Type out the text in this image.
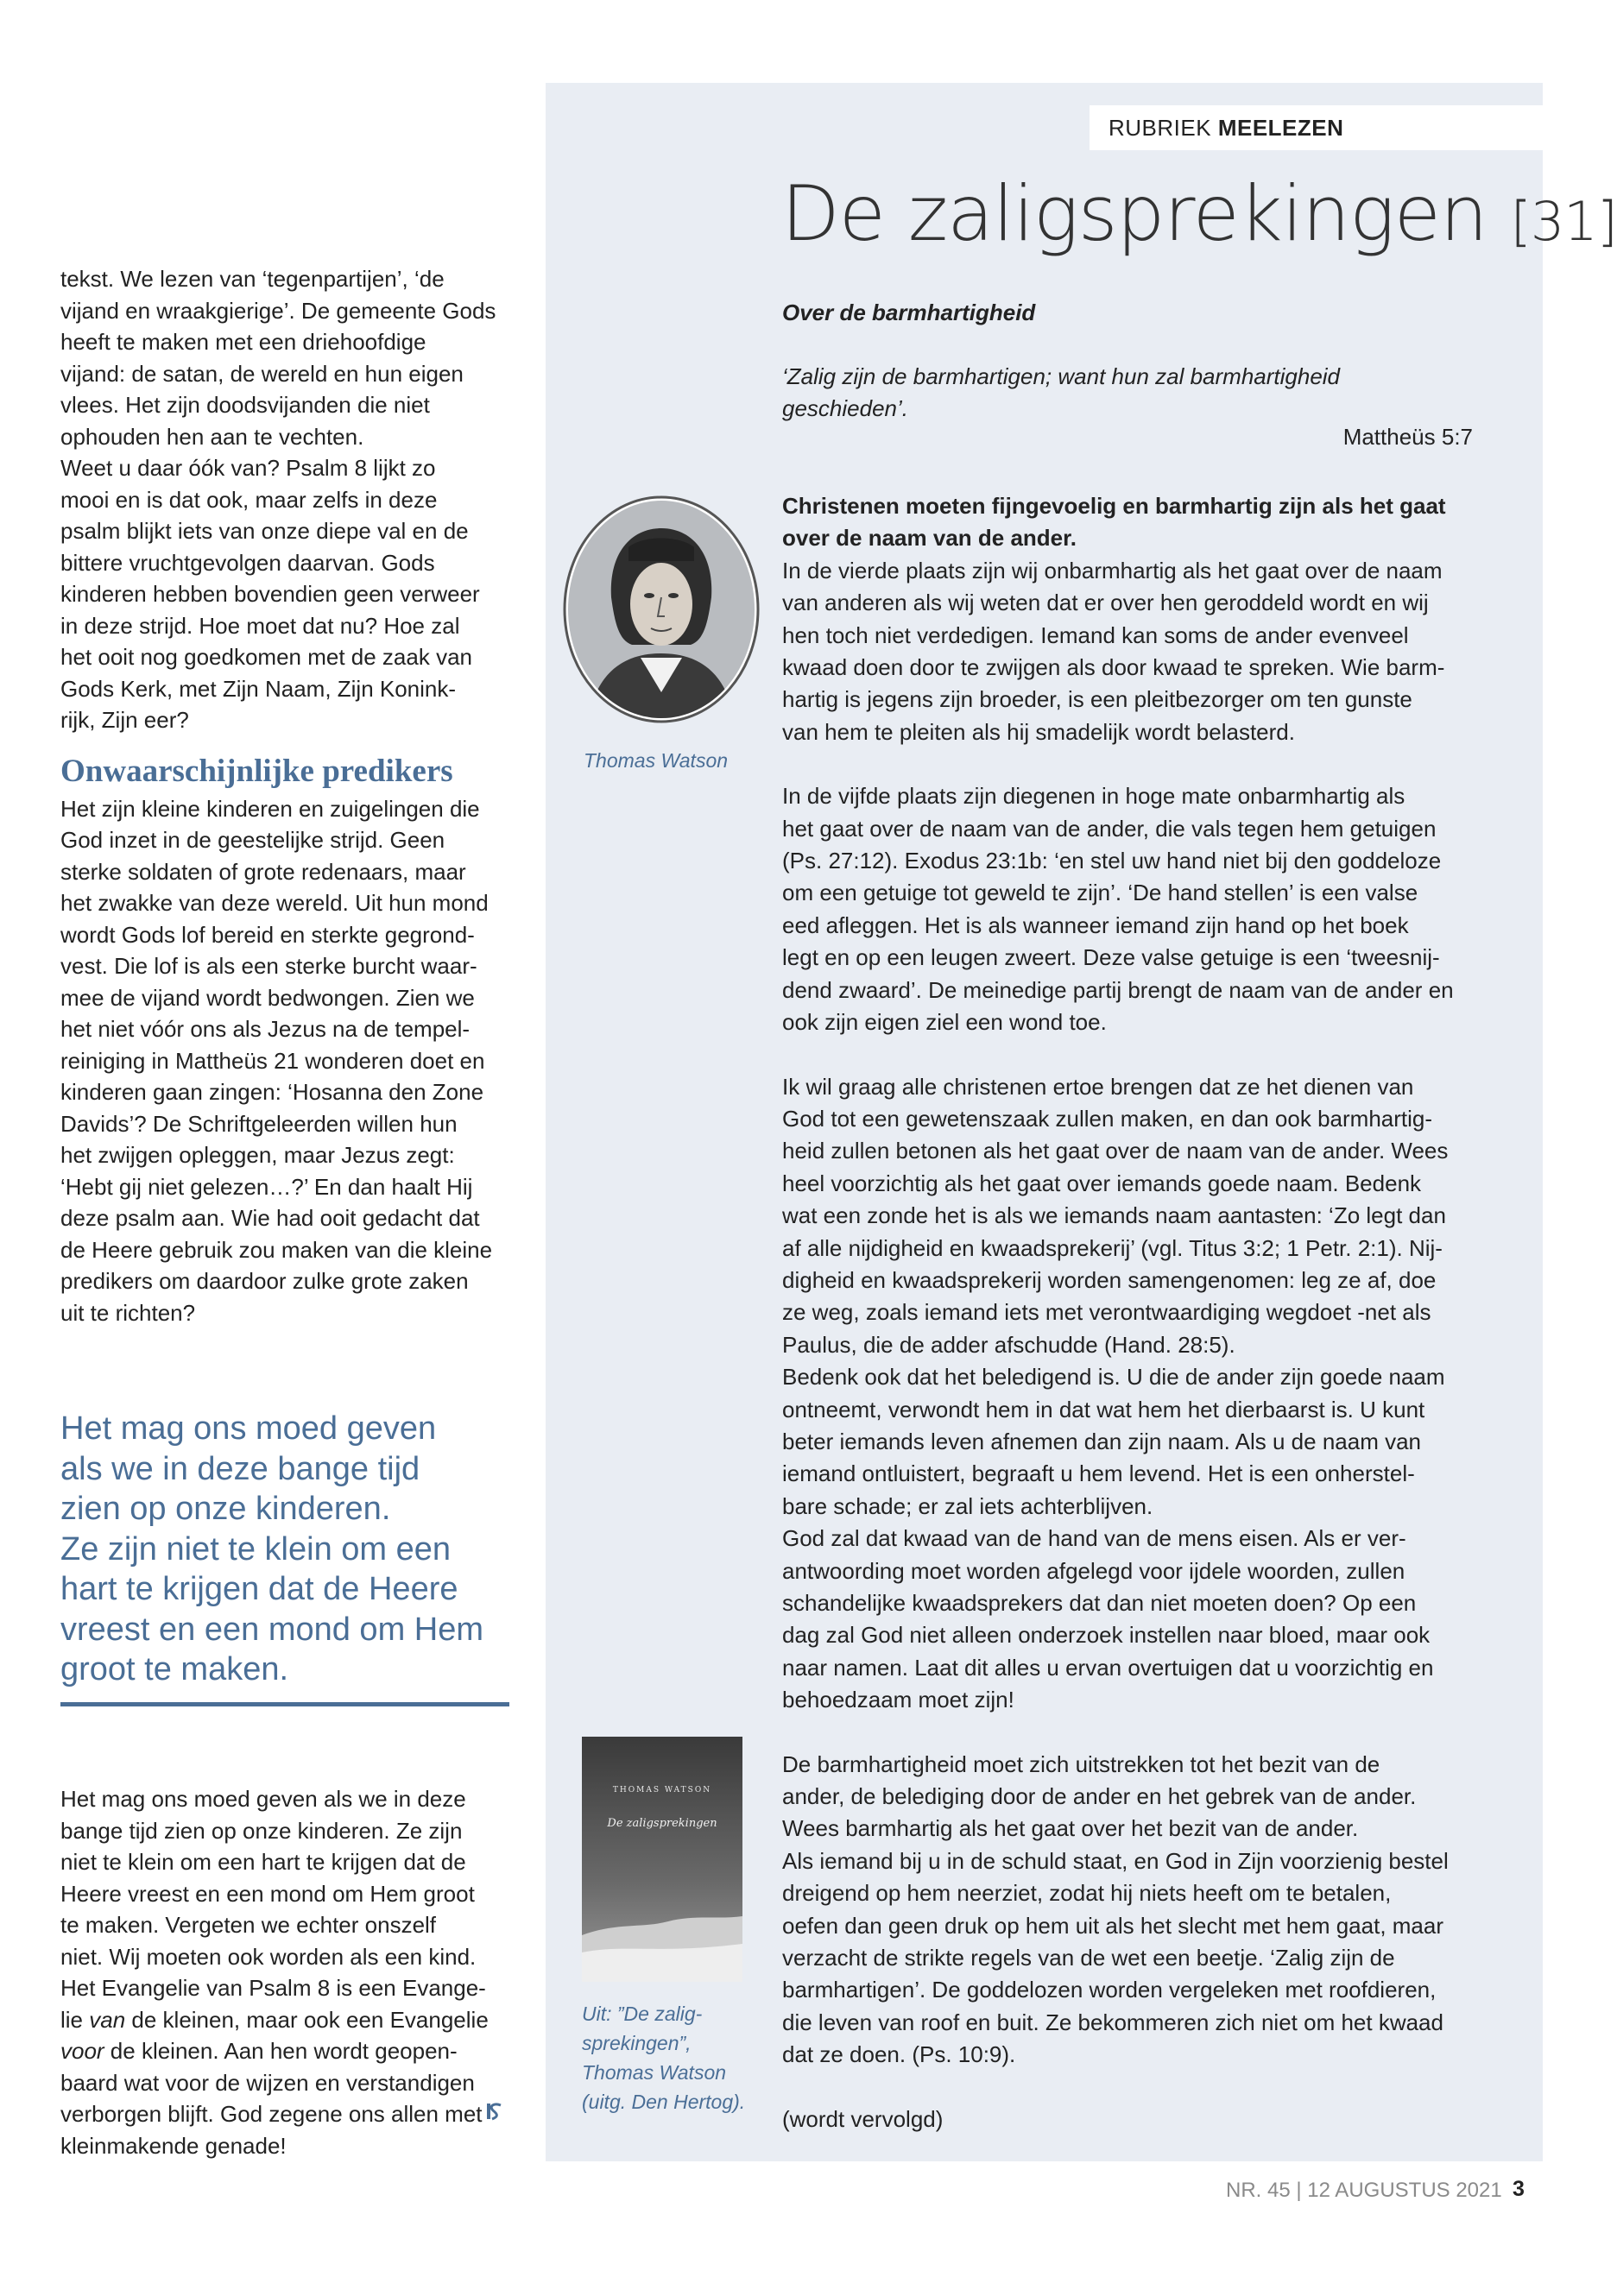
tekst. We lezen van ‘tegenpartijen’, ‘de
vijand en wraakgierige’. De gemeente Gods
heeft te maken met een driehoofdige
vijand: de satan, de wereld en hun eigen
vlees. Het zijn doodsvijanden die niet
ophouden hen aan te vechten.
Weet u daar óók van? Psalm 8 lijkt zo
mooi en is dat ook, maar zelfs in deze
psalm blijkt iets van onze diepe val en de
bittere vruchtgevolgen daarvan. Gods
kinderen hebben bovendien geen verweer
in deze strijd. Hoe moet dat nu? Hoe zal
het ooit nog goedkomen met de zaak van
Gods Kerk, met Zijn Naam, Zijn Konink-
rijk, Zijn eer?
Onwaarschijnlijke predikers
Het zijn kleine kinderen en zuigelingen die
God inzet in de geestelijke strijd. Geen
sterke soldaten of grote redenaars, maar
het zwakke van deze wereld. Uit hun mond
wordt Gods lof bereid en sterkte gegrond-
vest. Die lof is als een sterke burcht waar-
mee de vijand wordt bedwongen. Zien we
het niet vóór ons als Jezus na de tempel-
reiniging in Mattheüs 21 wonderen doet en
kinderen gaan zingen: ‘Hosanna den Zone
Davids’? De Schriftgeleerden willen hun
het zwijgen opleggen, maar Jezus zegt:
‘Hebt gij niet gelezen…?’ En dan haalt Hij
deze psalm aan. Wie had ooit gedacht dat
de Heere gebruik zou maken van die kleine
predikers om daardoor zulke grote zaken
uit te richten?
Het mag ons moed geven
als we in deze bange tijd
zien op onze kinderen.
Ze zijn niet te klein om een
hart te krijgen dat de Heere
vreest en een mond om Hem
groot te maken.
Het mag ons moed geven als we in deze
bange tijd zien op onze kinderen. Ze zijn
niet te klein om een hart te krijgen dat de
Heere vreest en een mond om Hem groot
te maken. Vergeten we echter onszelf
niet. Wij moeten ook worden als een kind.
Het Evangelie van Psalm 8 is een Evange-
lie van de kleinen, maar ook een Evangelie
voor de kleinen. Aan hen wordt geopen-
baard wat voor de wijzen en verstandigen
verborgen blijft. God zegene ons allen met
kleinmakende genade!
RUBRIEK MEELEZEN
De zaligsprekingen [31]

Over de barmhartigheid

‘Zalig zijn de barmhartigen; want hun zal barmhartigheid
geschieden’.
Mattheüs 5:7
Christenen moeten fijngevoelig en barmhartig zijn als het gaat
over de naam van de ander.
In de vierde plaats zijn wij onbarmhartig als het gaat over de naam
van anderen als wij weten dat er over hen geroddeld wordt en wij
hen toch niet verdedigen. Iemand kan soms de ander evenveel
kwaad doen door te zwijgen als door kwaad te spreken. Wie barm-
hartig is jegens zijn broeder, is een pleitbezorger om ten gunste
van hem te pleiten als hij smadelijk wordt belasterd.
In de vijfde plaats zijn diegenen in hoge mate onbarmhartig als
het gaat over de naam van de ander, die vals tegen hem getuigen
(Ps. 27:12). Exodus 23:1b: ‘en stel uw hand niet bij den goddeloze
om een getuige tot geweld te zijn’. ‘De hand stellen’ is een valse
eed afleggen. Het is als wanneer iemand zijn hand op het boek
legt en op een leugen zweert. Deze valse getuige is een ‘tweesnij-
dend zwaard’. De meinedige partij brengt de naam van de ander en
ook zijn eigen ziel een wond toe.
Ik wil graag alle christenen ertoe brengen dat ze het dienen van
God tot een gewetenszaak zullen maken, en dan ook barmhartig-
heid zullen betonen als het gaat over de naam van de ander. Wees
heel voorzichtig als het gaat over iemands goede naam. Bedenk
wat een zonde het is als we iemands naam aantasten: ‘Zo legt dan
af alle nijdigheid en kwaadsprekerij’ (vgl. Titus 3:2; 1 Petr. 2:1). Nij-
digheid en kwaadsprekerij worden samengenomen: leg ze af, doe
ze weg, zoals iemand iets met verontwaardiging wegdoet -net als
Paulus, die de adder afschudde (Hand. 28:5).
Bedenk ook dat het beledigend is. U die de ander zijn goede naam
ontneemt, verwondt hem in dat wat hem het dierbaarst is. U kunt
beter iemands leven afnemen dan zijn naam. Als u de naam van
iemand ontluistert, begraaft u hem levend. Het is een onherstel-
bare schade; er zal iets achterblijven.
God zal dat kwaad van de hand van de mens eisen. Als er ver-
antwoording moet worden afgelegd voor ijdele woorden, zullen
schandelijke kwaadsprekers dat dan niet moeten doen? Op een
dag zal God niet alleen onderzoek instellen naar bloed, maar ook
naar namen. Laat dit alles u ervan overtuigen dat u voorzichtig en
behoedzaam moet zijn!
De barmhartigheid moet zich uitstrekken tot het bezit van de
ander, de belediging door de ander en het gebrek van de ander.
Wees barmhartig als het gaat over het bezit van de ander.
Als iemand bij u in de schuld staat, en God in Zijn voorzienig bestel
dreigend op hem neerziet, zodat hij niets heeft om te betalen,
oefen dan geen druk op hem uit als het slecht met hem gaat, maar
verzacht de strikte regels van de wet een beetje. ‘Zalig zijn de
barmhartigen’. De goddelozen worden vergeleken met roofdieren,
die leven van roof en buit. Ze bekommeren zich niet om het kwaad
dat ze doen. (Ps. 10:9).
(wordt vervolgd)
Thomas Watson
THOMAS WATSON
De zaligsprekingen
Uit: ”De zalig-
sprekingen”,
Thomas Watson
(uitg. Den Hertog).
NR. 45 | 12 AUGUSTUS 2021 3
